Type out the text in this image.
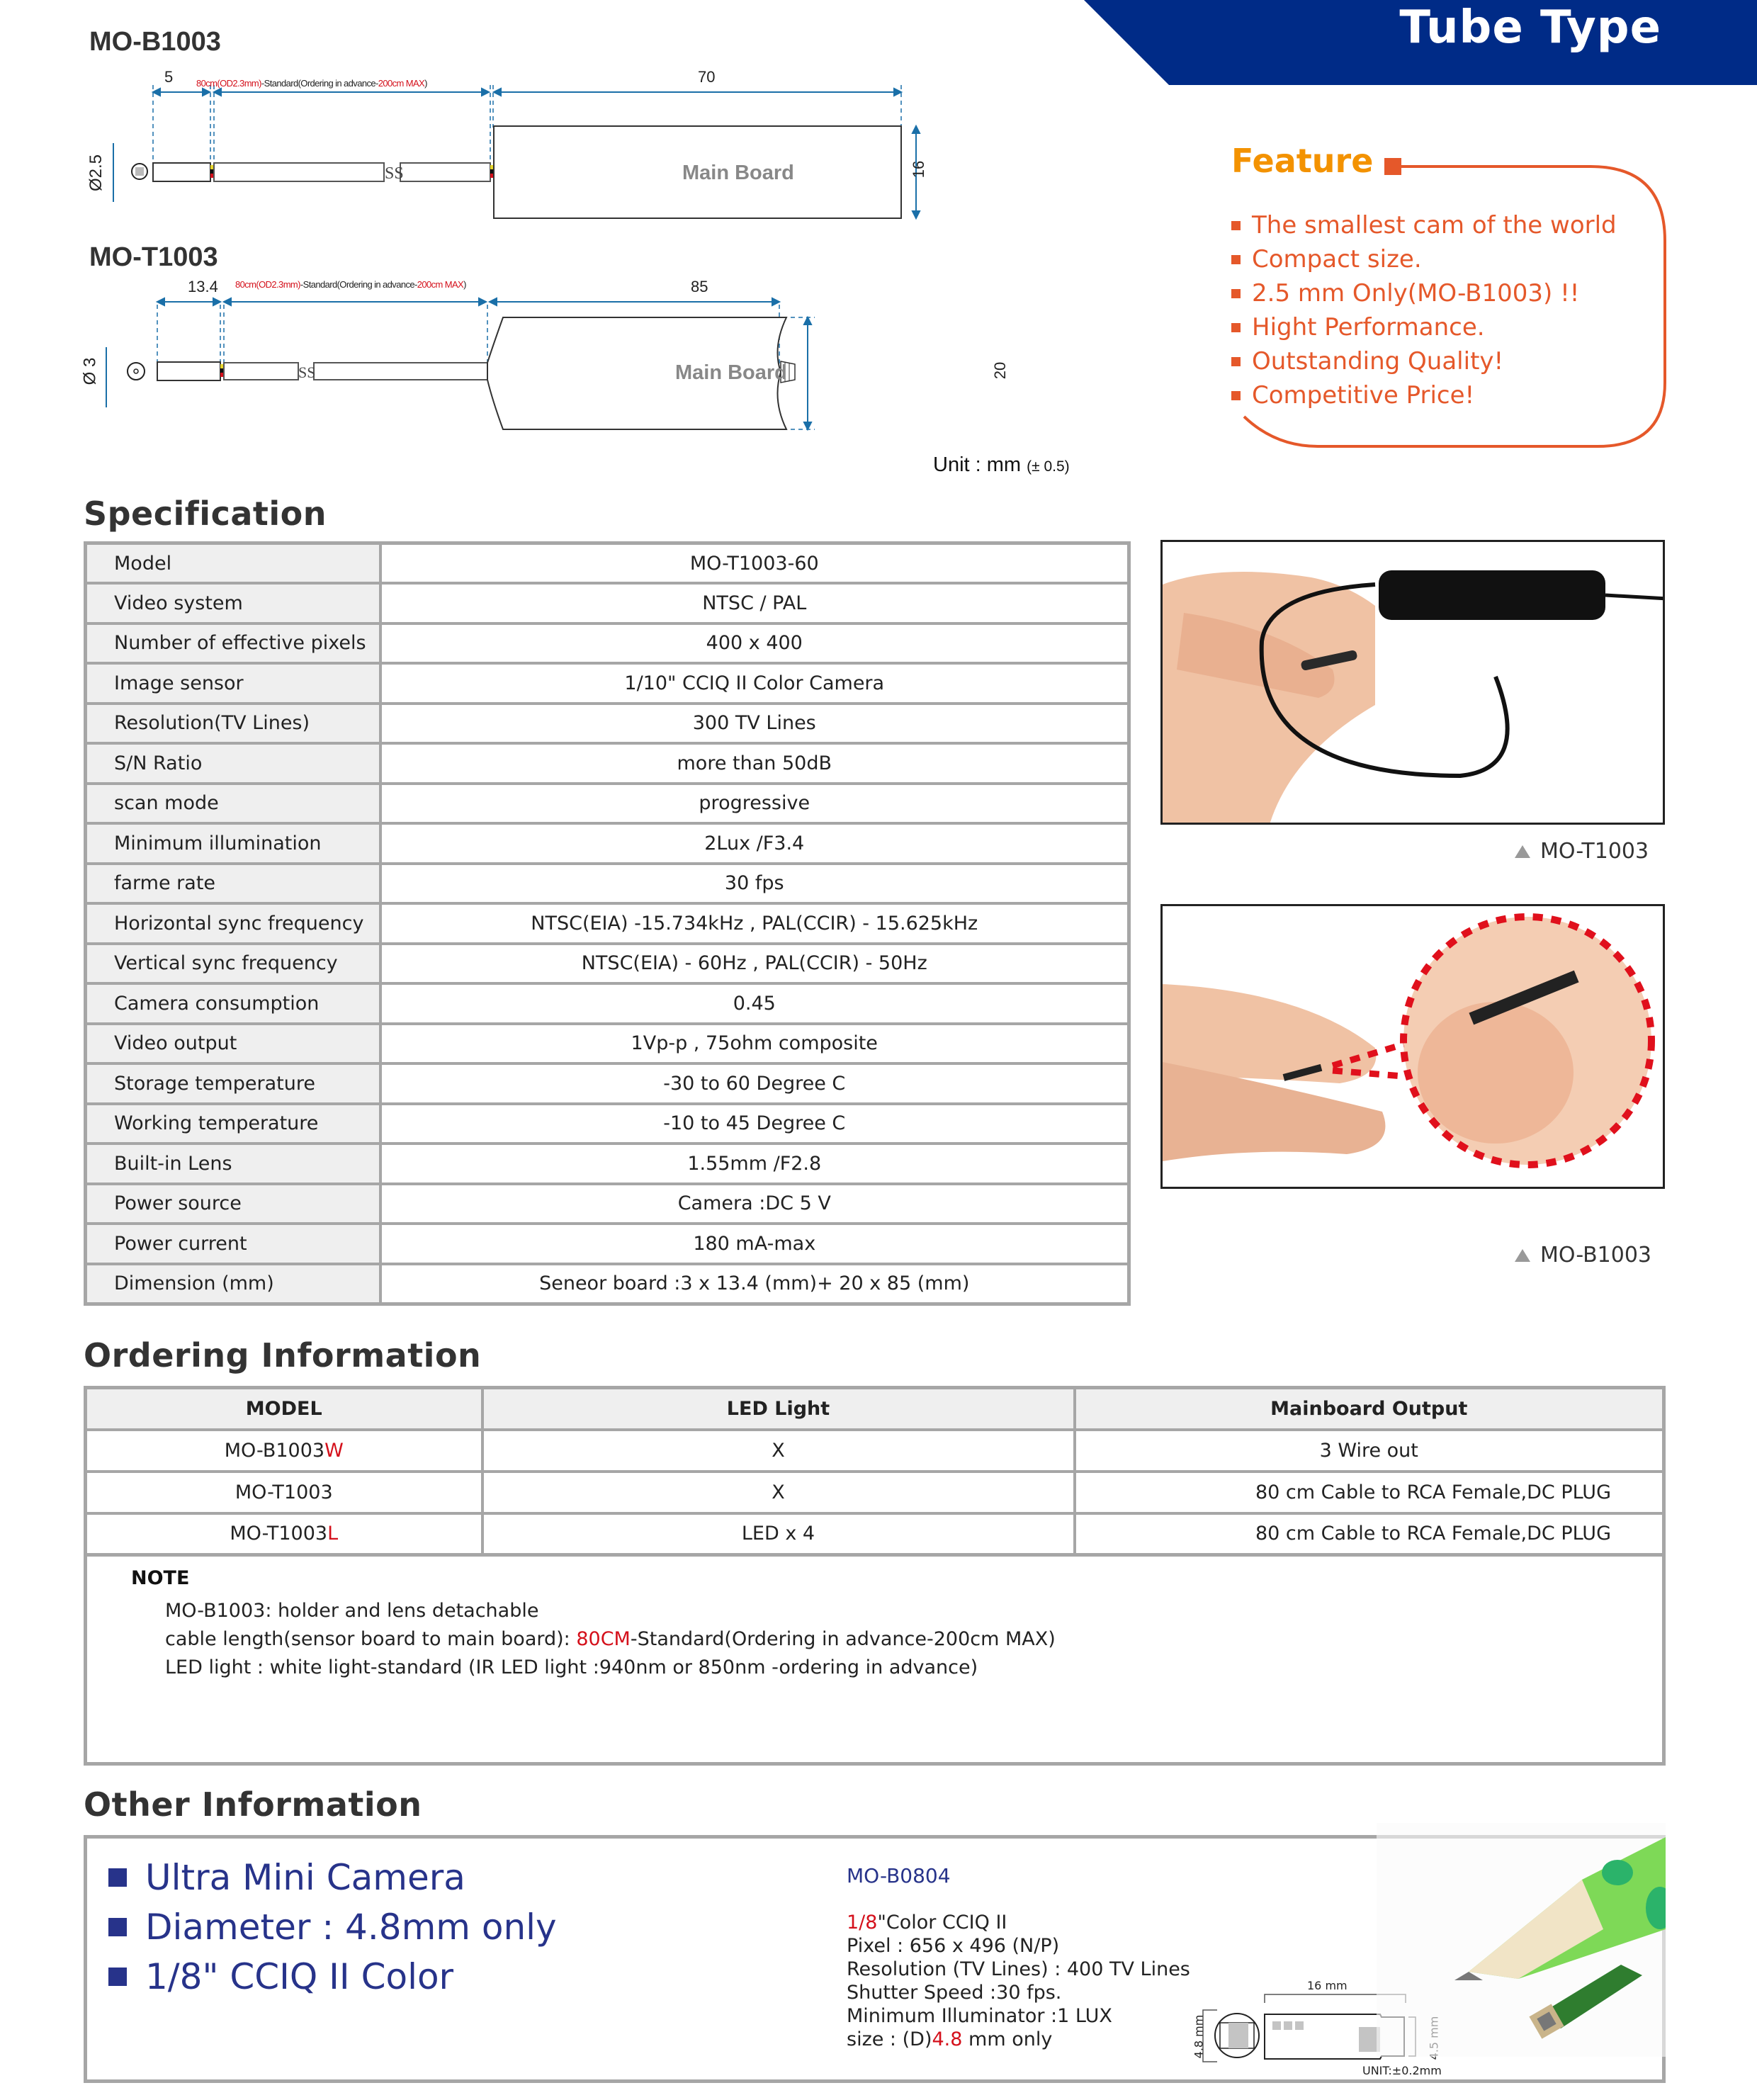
Tube Type
MO-B1003
SS
5	70
80cm(OD2.3mm)-Standard(Ordering in advance-200cm MAX)
16
Ø2.5	Main Board
MO-T1003
SS
13.4	85
80cm(OD2.3mm)-Standard(Ordering in advance-200cm MAX)
20
Ø 3	Main Board
Unit : mm (± 0.5)
Feature
The smallest cam of the world
Compact size.
2.5 mm Only(MO-B1003) !!
Hight Performance.
Outstanding Quality!
Competitive Price!
Specification
Model	MO-T1003-60
Video system	NTSC / PAL
Number of effective pixels	400 x 400
Image sensor	1/10" CCIQ II Color Camera
Resolution(TV Lines)	300 TV Lines
S/N Ratio	more than 50dB
scan mode	progressive
Minimum illumination	2Lux /F3.4
farme rate	30 fps
Horizontal sync frequency	NTSC(EIA) -15.734kHz , PAL(CCIR) - 15.625kHz
Vertical sync frequency	NTSC(EIA) - 60Hz , PAL(CCIR) - 50Hz
Camera consumption	0.45
Video output	1Vp-p , 75ohm composite
Storage temperature	-30 to 60 Degree C
Working temperature	-10 to 45 Degree C
Built-in Lens	1.55mm /F2.8
Power source	Camera :DC 5 V
Power current	180 mA-max
Dimension (mm)	Seneor board :3 x 13.4 (mm)+ 20 x 85 (mm)
MO-T1003
MO-B1003
Ordering Information
MODEL	LED Light	Mainboard Output
MO-B1003W	X	3 Wire out
MO-T1003	X	80 cm Cable to RCA Female,DC PLUG
MO-T1003L	LED x 4	80 cm Cable to RCA Female,DC PLUG
NOTE
MO-B1003: holder and lens detachable
cable length(sensor board to main board): 80CM-Standard(Ordering in advance-200cm MAX)
LED light : white light-standard (IR LED light :940nm or 850nm -ordering in advance)
Other Information
Ultra Mini Camera
Diameter : 4.8mm only
1/8" CCIQ II Color
MO-B0804
1/8"Color CCIQ II
Pixel : 656 x 496 (N/P)
Resolution (TV Lines) : 400 TV Lines
Shutter Speed :30 fps.
Minimum Illuminator :1 LUX
size : (D)4.8 mm only
16 mm
4.8 mm
UNIT:±0.2mm
